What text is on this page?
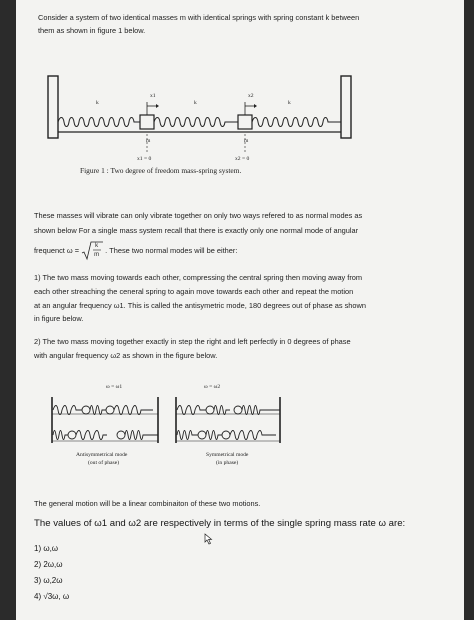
Consider a system of two identical masses m with identical springs with spring constant k between
them as shown in figure 1 below.
k	k	k
m	m
x1	x2
x1 = 0	x2 = 0
Figure 1 : Two degree of freedom mass-spring system.
These masses will vibrate can only vibrate together on only two ways refered to as normal modes as
shown below For a single mass system recall that there is exactly only one normal mode of angular
frequenct ω =	k
m
. These two normal modes will be either:
1) The two mass moving towards each other, compressing the central spring then moving away from
each other streaching the ceneral spring to again move towards each other and repeat the motion
at an angular frequency ω1. This is called the antisymetric mode, 180 degrees out of phase as shown
in figure below.
2) The two mass moving together exactly in step the right and left perfectly in 0 degrees of phase
with angular frequency ω2 as shown in the figure below.
ω = ω1	ω = ω2
Antisymmetrical mode
(out of phase)
Symmetrical mode
(in phase)
The general motion will be a linear combinaiton of these two motions.
The values of ω1 and ω2 are respectively in terms of the single spring mass rate ω are:
1) ω,ω
2) 2ω,ω
3) ω,2ω
4) √3ω, ω
